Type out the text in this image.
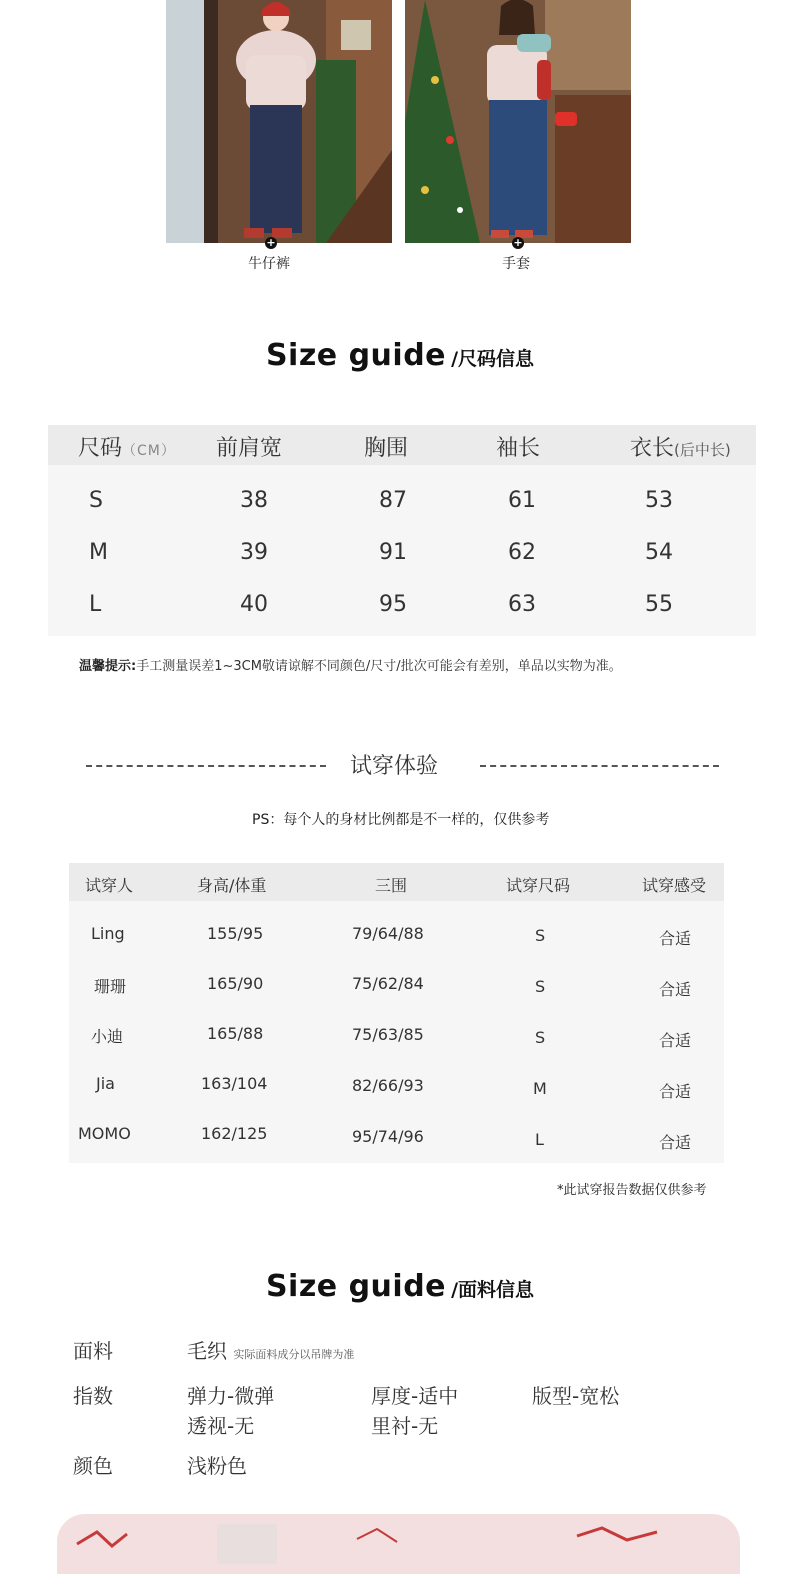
+
牛仔裤
+
手套
Size guide /尺码信息
尺码（CM） 前肩宽	胸围	袖长	衣长(后中长)
S	38	87	61	53
M	39	91	62	54
L	40	95	63	55
温馨提示:手工测量误差1~3CM敬请谅解不同颜色/尺寸/批次可能会有差别，单品以实物为准。
试穿体验
PS：每个人的身材比例都是不一样的，仅供参考
试穿人	身高/体重	三围	试穿尺码	试穿感受
Ling	155/95	79/64/88	S	合适
珊珊	165/90	75/62/84	S	合适
小迪	165/88	75/63/85	S	合适
Jia	163/104	82/66/93	M	合适
MOMO	162/125	95/74/96	L	合适
*此试穿报告数据仅供参考
Size guide /面料信息
面料	毛织 实际面料成分以吊牌为准
指数	弹力-微弹	厚度-适中	版型-宽松
透视-无	里衬-无
颜色	浅粉色
